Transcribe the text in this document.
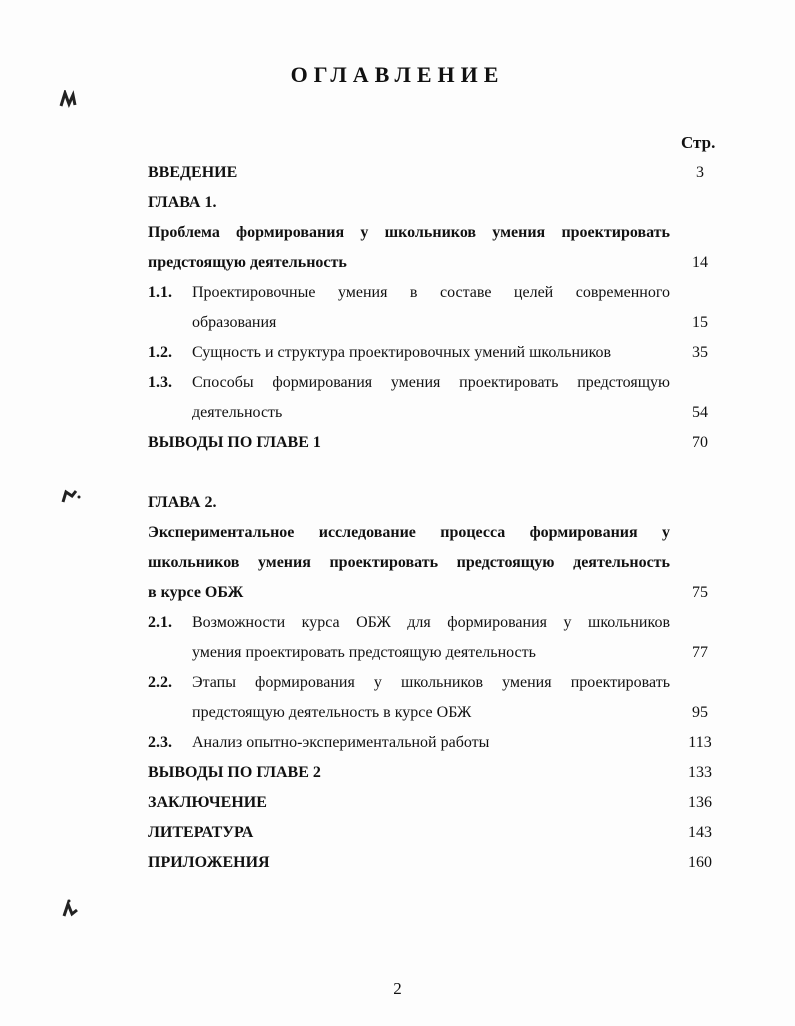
ОГЛАВЛЕНИЕ
Стр.
ВВЕДЕНИЕ	3
ГЛАВА 1.
Проблема формирования у школьников умения проектировать
предстоящую деятельность	14
1.1. Проектировочные умения в составе целей современного
образования	15
1.2. Сущность и структура проектировочных умений школьников	35
1.3. Способы формирования умения проектировать предстоящую
деятельность	54
ВЫВОДЫ ПО ГЛАВЕ 1	70
ГЛАВА 2.
Экспериментальное исследование процесса формирования у
школьников умения проектировать предстоящую деятельность
в курсе ОБЖ	75
2.1. Возможности курса ОБЖ для формирования у школьников
умения проектировать предстоящую деятельность	77
2.2. Этапы формирования у школьников умения проектировать
предстоящую деятельность в курсе ОБЖ	95
2.3. Анализ опытно-экспериментальной работы	113
ВЫВОДЫ ПО ГЛАВЕ 2	133
ЗАКЛЮЧЕНИЕ	136
ЛИТЕРАТУРА	143
ПРИЛОЖЕНИЯ	160
2
